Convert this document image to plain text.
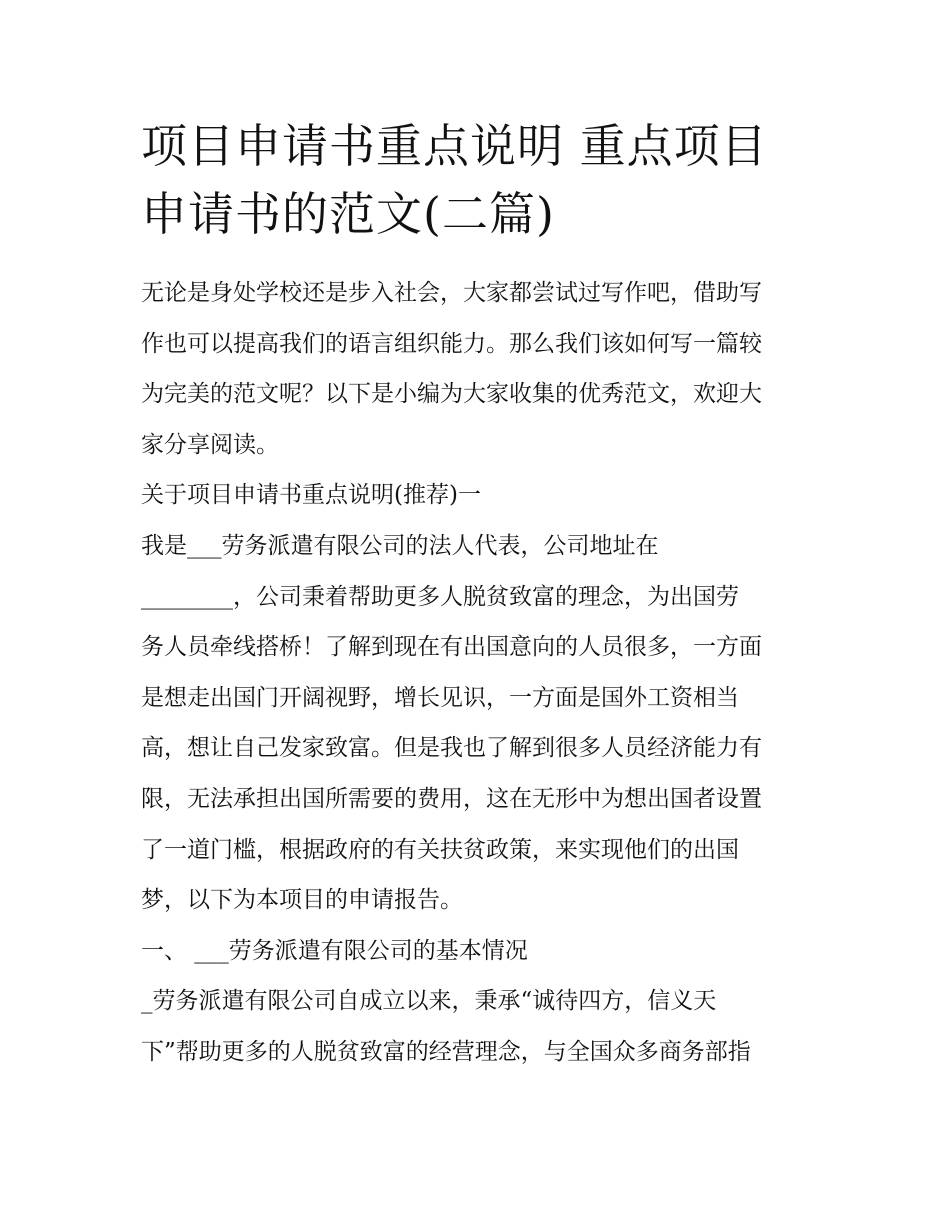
项目申请书重点说明 重点项目
申请书的范文(二篇)
无论是身处学校还是步入社会，大家都尝试过写作吧，借助写
作也可以提高我们的语言组织能力。那么我们该如何写一篇较
为完美的范文呢？以下是小编为大家收集的优秀范文，欢迎大
家分享阅读。
关于项目申请书重点说明(推荐)一
我是___劳务派遣有限公司的法人代表，公司地址在
________，公司秉着帮助更多人脱贫致富的理念，为出国劳
务人员牵线搭桥！了解到现在有出国意向的人员很多，一方面
是想走出国门开阔视野，增长见识，一方面是国外工资相当
高，想让自己发家致富。但是我也了解到很多人员经济能力有
限，无法承担出国所需要的费用，这在无形中为想出国者设置
了一道门槛，根据政府的有关扶贫政策，来实现他们的出国
梦，以下为本项目的申请报告。
一、 ___劳务派遣有限公司的基本情况
_劳务派遣有限公司自成立以来，秉承“诚待四方，信义天
下”帮助更多的人脱贫致富的经营理念，与全国众多商务部指
